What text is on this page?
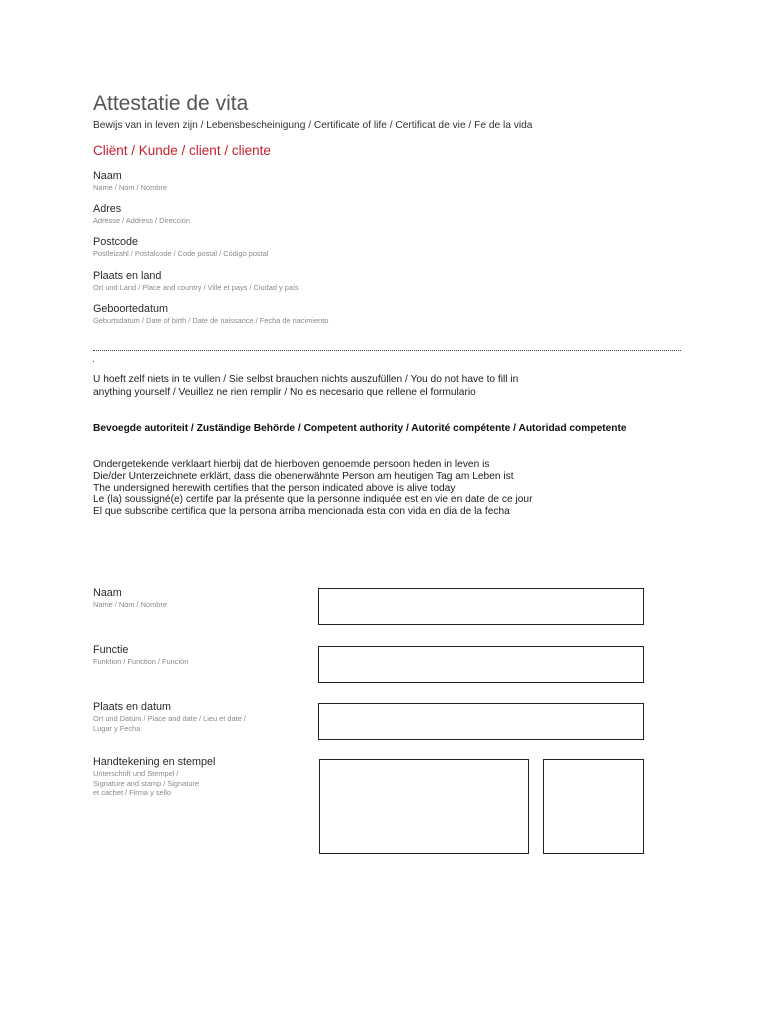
Attestatie de vita
Bewijs van in leven zijn / Lebensbescheinigung / Certificate of life / Certificat de vie / Fe de la vida
Cliënt / Kunde / client / cliente
Naam
Name / Nom / Nombre
Adres
Adresse / Address / Dirección
Postcode
Postleizahl / Postalcode / Code postal / Código postal
Plaats en land
Ort und Land / Place and country / Ville et pays / Ciudad y país
Geboortedatum
Geburtsdatum / Date of birth / Date de naissance / Fecha de nacimiento
.
U hoeft zelf niets in te vullen / Sie selbst brauchen nichts auszufüllen / You do not have to fill in
anything yourself / Veuillez ne rien remplir / No es necesario que rellene el formulario
Bevoegde autoriteit / Zuständige Behörde / Competent authority / Autorité compétente / Autoridad competente
Ondergetekende verklaart hierbij dat de hierboven genoemde persoon heden in leven is
Die/der Unterzeichnete erklärt, dass die obenerwähnte Person am heutigen Tag am Leben ist
The undersigned herewith certifies that the person indicated above is alive today
Le (la) soussigné(e) certife par la présente que la personne indiquée est en vie en date de ce jour
El que subscribe certifica que la persona arriba mencionada esta con vida en dia de la fecha
Naam
Name / Nom / Nombre
Functie
Funktion / Function / Función
Plaats en datum
Ort und Datum / Place and date / Lieu et date /
Lugar y Fecha
Handtekening en stempel
Unterschrift und Stempel /
Signature and stamp / Signature
et cachet / Firma y sello
